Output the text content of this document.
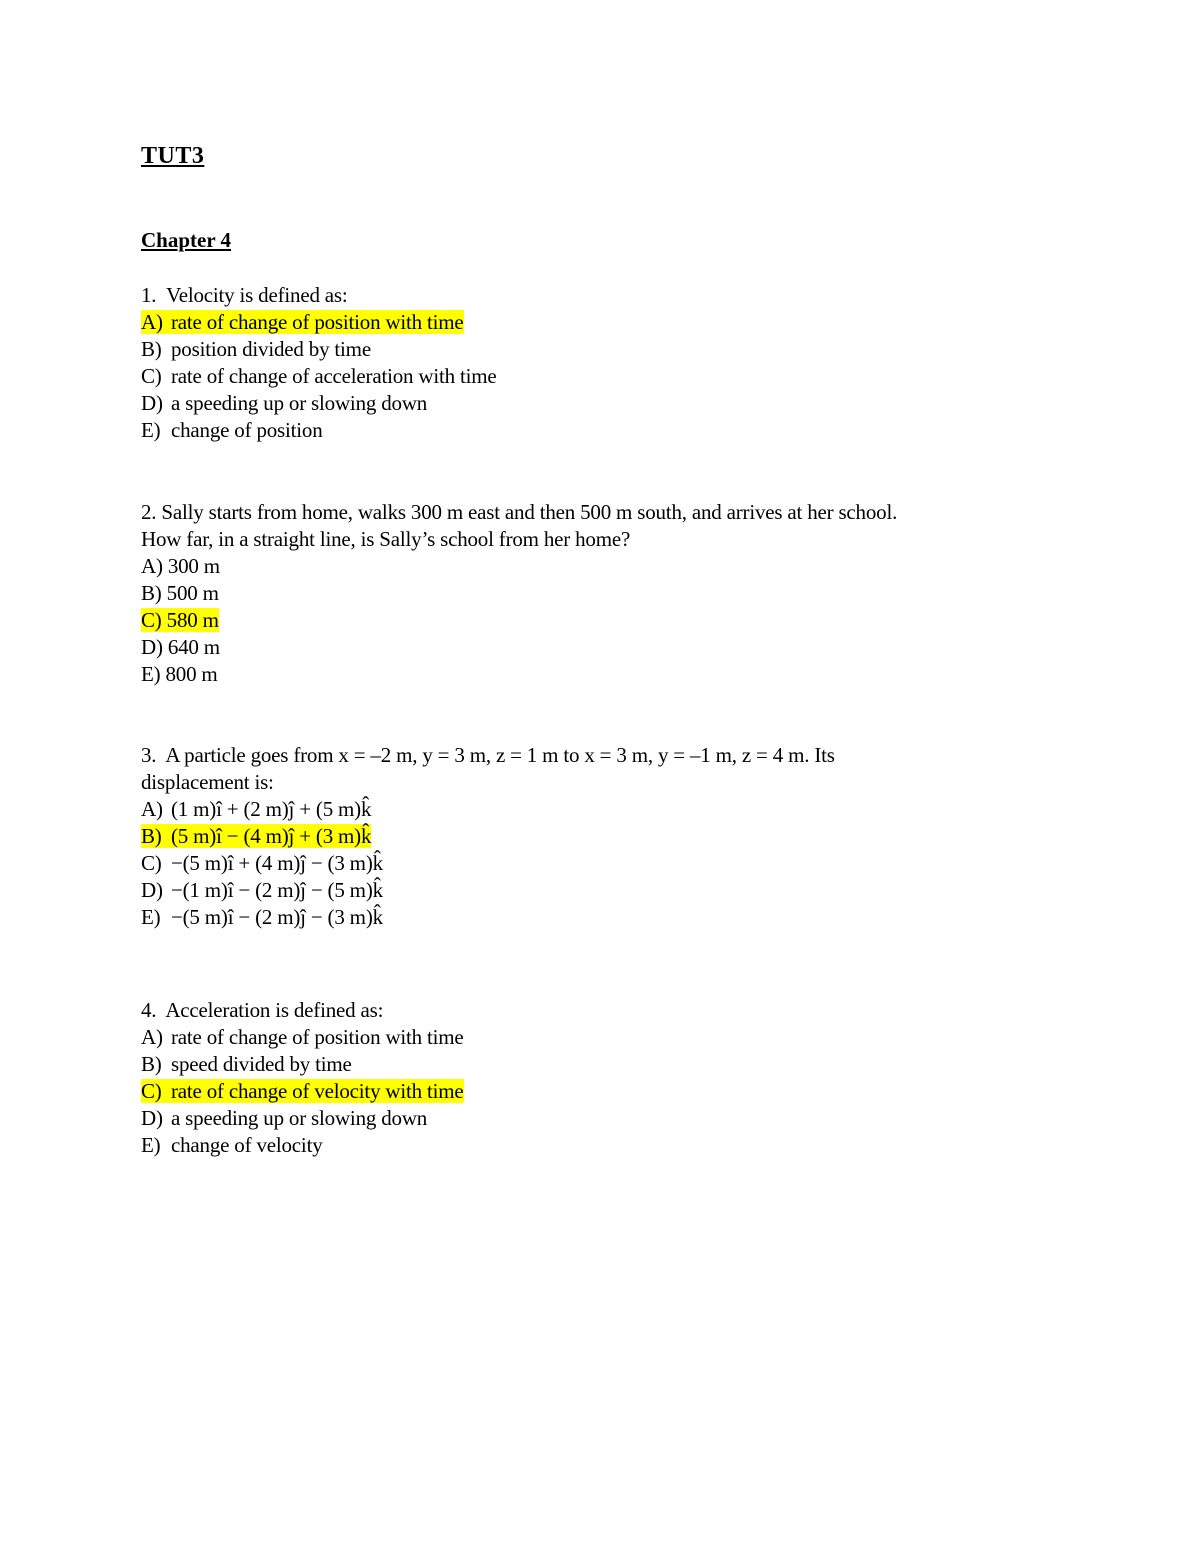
TUT3
Chapter 4
1. Velocity is defined as:
A) rate of change of position with time
B) position divided by time
C) rate of change of acceleration with time
D) a speeding up or slowing down
E) change of position
2. Sally starts from home, walks 300 m east and then 500 m south, and arrives at her school.
How far, in a straight line, is Sally’s school from her home?
A) 300 m
B) 500 m
C) 580 m
D) 640 m
E) 800 m
3. A particle goes from x = –2 m, y = 3 m, z = 1 m to x = 3 m, y = –1 m, z = 4 m. Its
displacement is:
A) (1 m)î + (2 m)ĵ + (5 m)k̂
B) (5 m)î − (4 m)ĵ + (3 m)k̂
C) −(5 m)î + (4 m)ĵ − (3 m)k̂
D) −(1 m)î − (2 m)ĵ − (5 m)k̂
E) −(5 m)î − (2 m)ĵ − (3 m)k̂
4. Acceleration is defined as:
A) rate of change of position with time
B) speed divided by time
C) rate of change of velocity with time
D) a speeding up or slowing down
E) change of velocity
